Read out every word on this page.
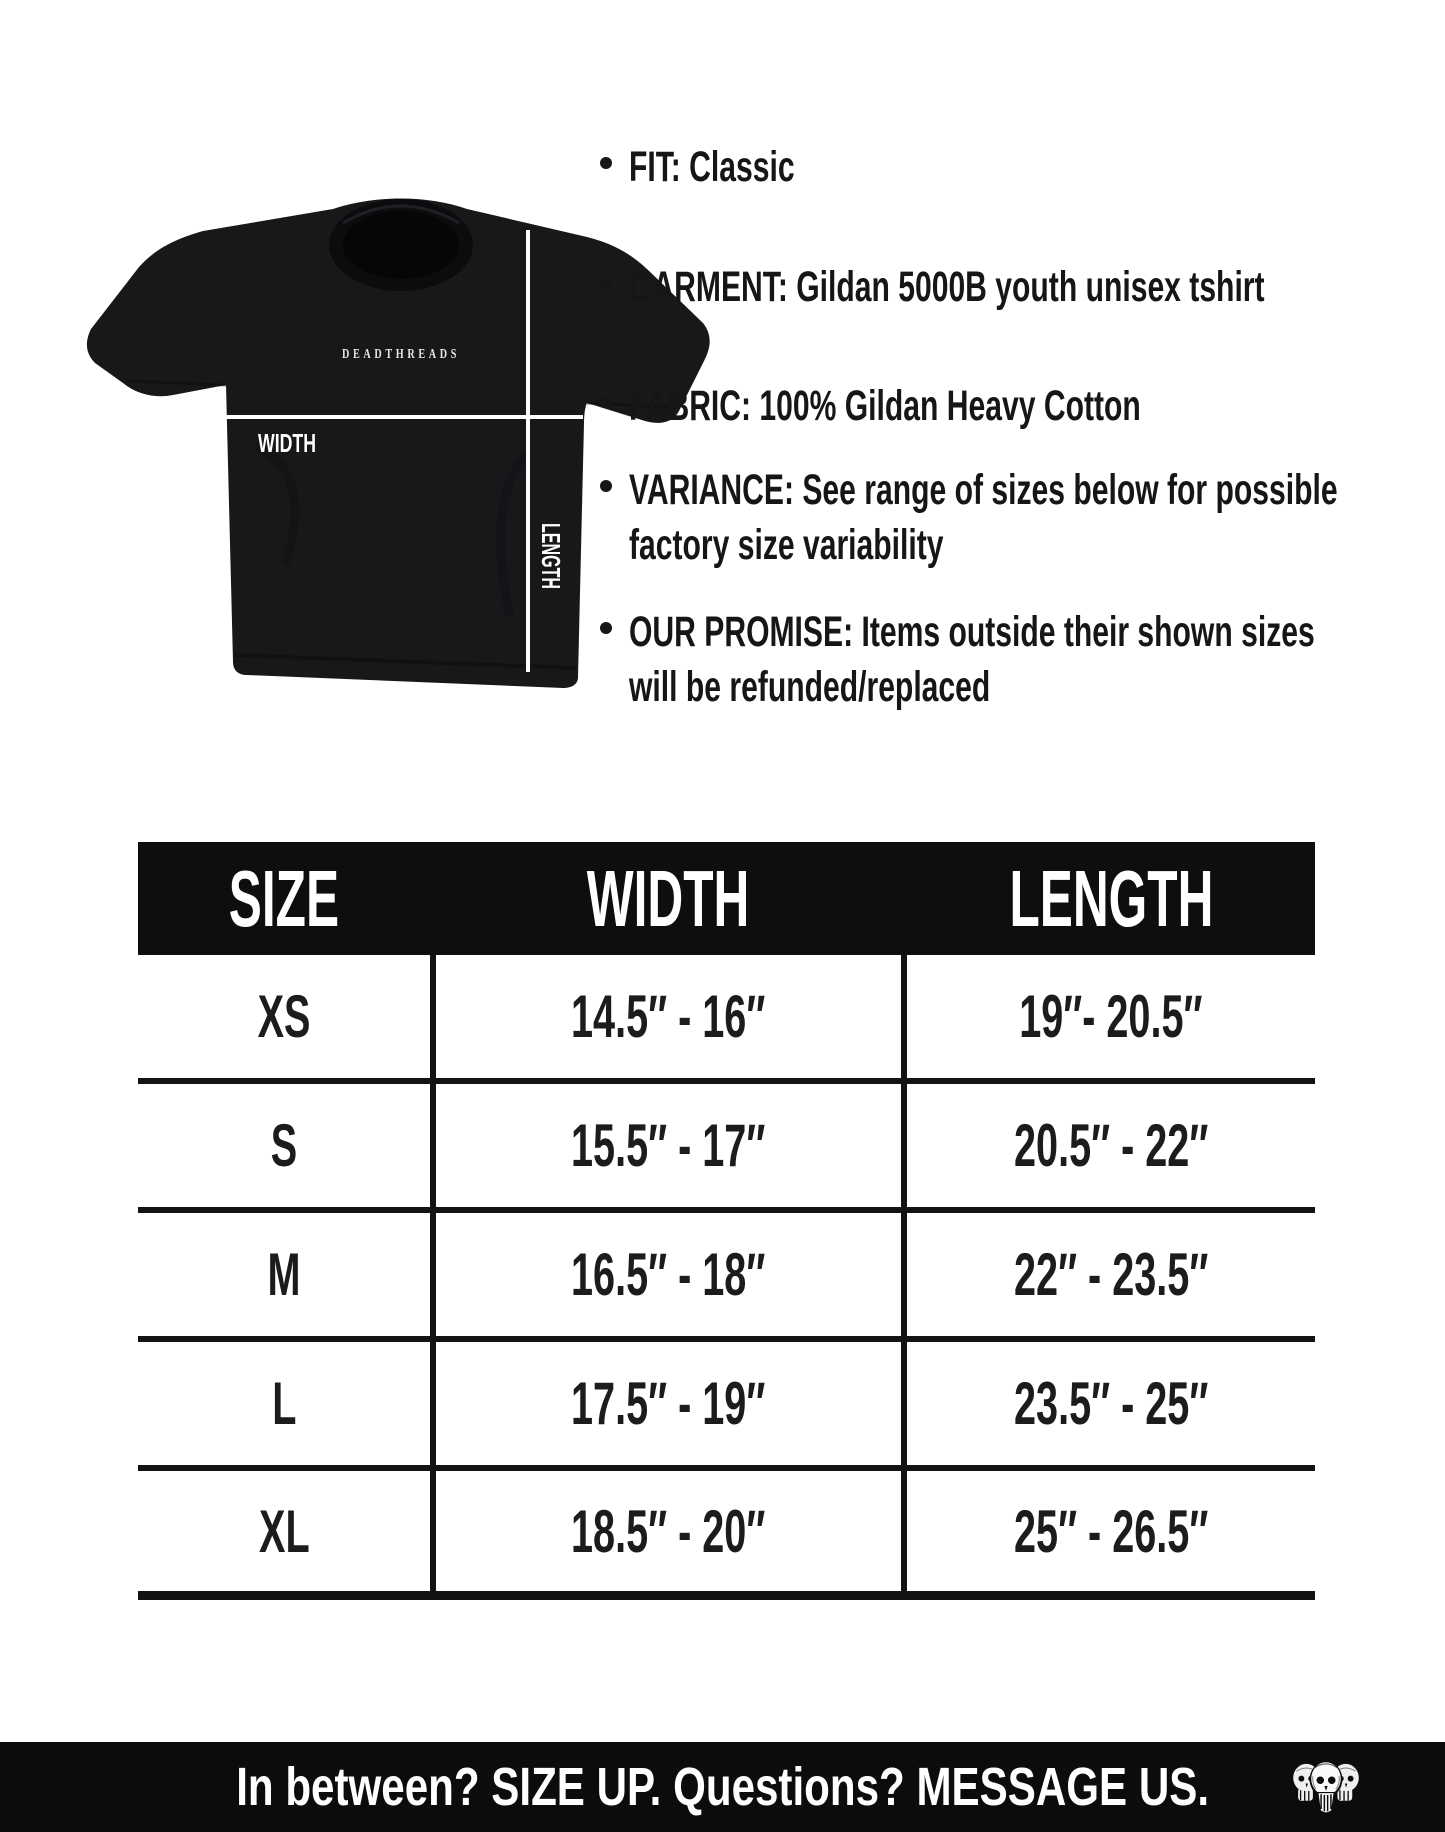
DEADTHREADS
WIDTH
LENGTH
FIT: Classic
GARMENT: Gildan 5000B youth unisex tshirt
FABRIC: 100% Gildan Heavy Cotton
VARIANCE: See range of sizes below for possible
factory size variability
OUR PROMISE: Items outside their shown sizes
will be refunded/replaced
SIZE	WIDTH	LENGTH
XS	14.5″ - 16″	19″- 20.5″
S	15.5″ - 17″	20.5″ - 22″
M	16.5″ - 18″	22″ - 23.5″
L	17.5″ - 19″	23.5″ - 25″
XL	18.5″ - 20″	25″ - 26.5″
In between? SIZE UP. Questions? MESSAGE US.
